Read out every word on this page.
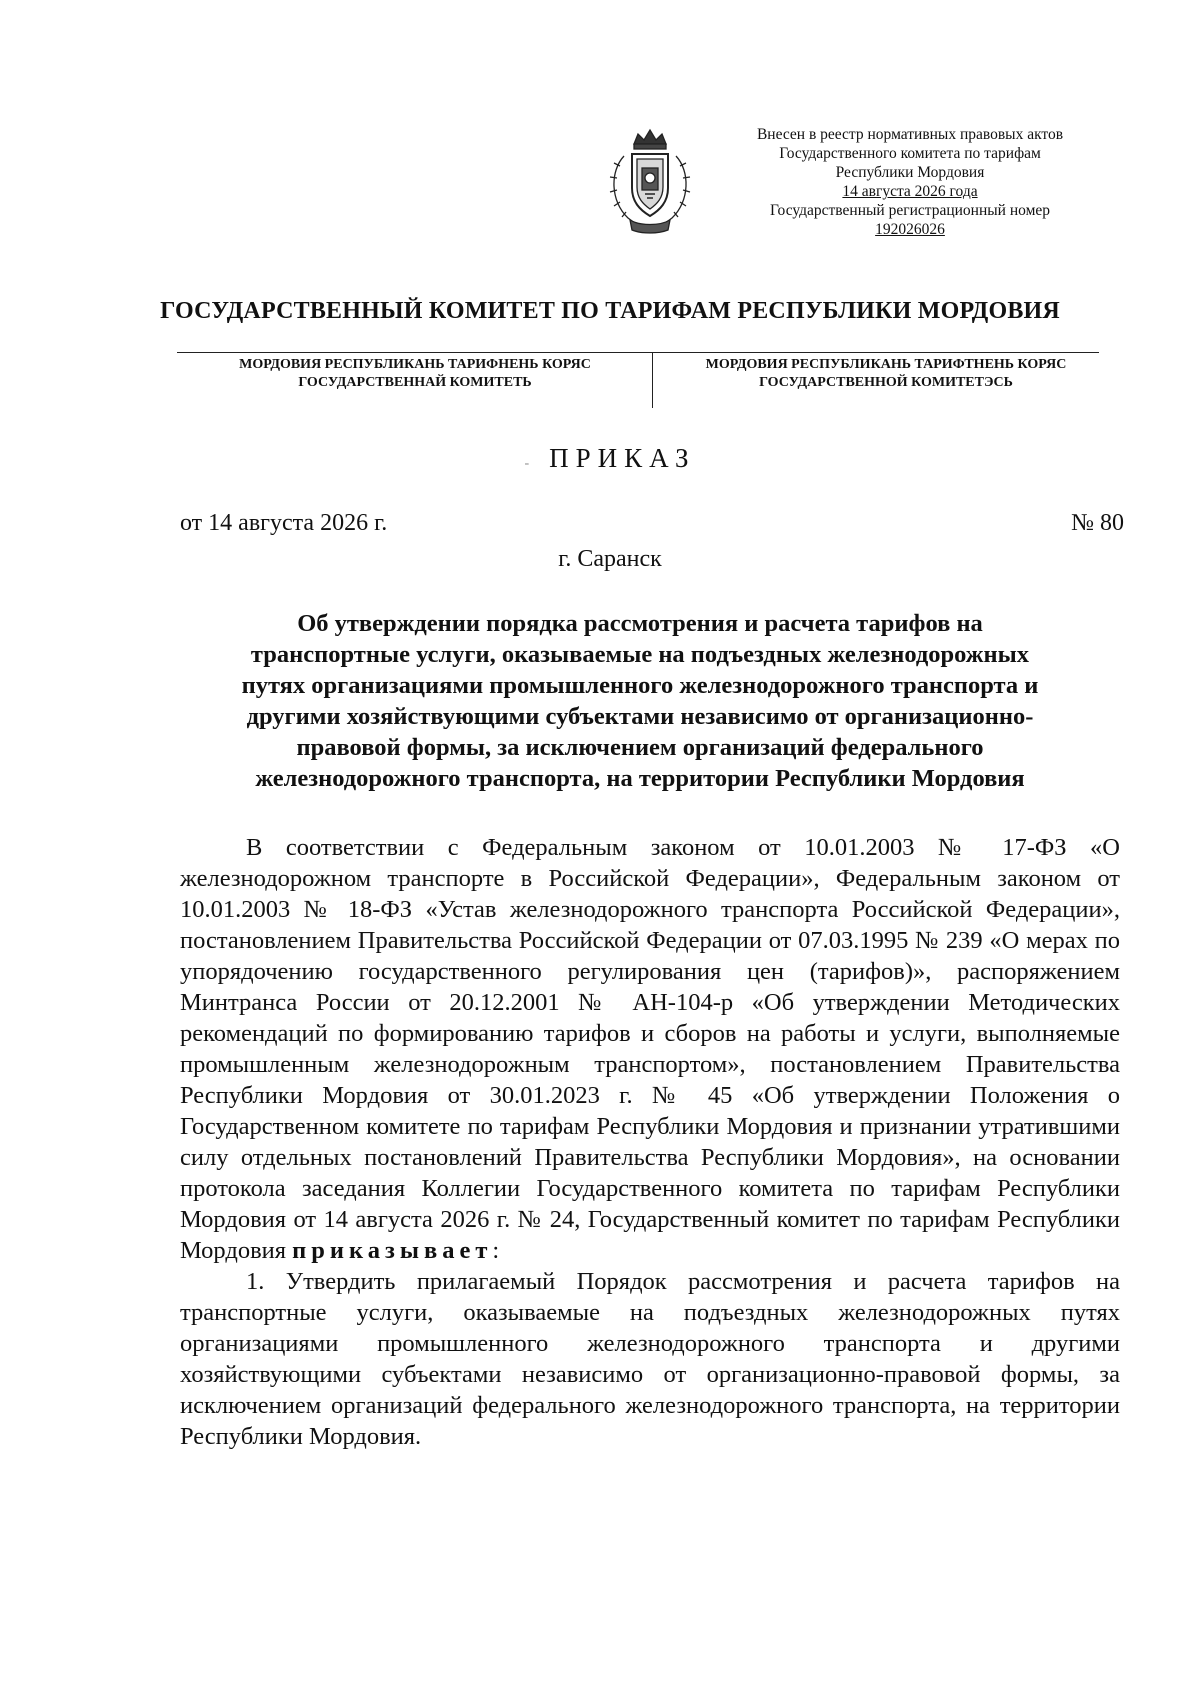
Внесен в реестр нормативных правовых актов
Государственного комитета по тарифам
Республики Мордовия
14 августа 2026 года
Государственный регистрационный номер
192026026
ГОСУДАРСТВЕННЫЙ КОМИТЕТ ПО ТАРИФАМ РЕСПУБЛИКИ МОРДОВИЯ
МОРДОВИЯ РЕСПУБЛИКАНЬ ТАРИФНЕНЬ КОРЯС
ГОСУДАРСТВЕННАЙ КОМИТЕТЬ
МОРДОВИЯ РЕСПУБЛИКАНЬ ТАРИФТНЕНЬ КОРЯС
ГОСУДАРСТВЕННОЙ КОМИТЕТЭСЬ
- ПРИКАЗ
от 14 августа 2026 г.	№ 80
г. Саранск
Об утверждении порядка рассмотрения и расчета тарифов на
транспортные услуги, оказываемые на подъездных железнодорожных
путях организациями промышленного железнодорожного транспорта и
другими хозяйствующими субъектами независимо от организационно-
правовой формы, за исключением организаций федерального
железнодорожного транспорта, на территории Республики Мордовия

В соответствии с Федеральным законом от 10.01.2003 № 17-ФЗ «О железнодорожном транспорте в Российской Федерации», Федеральным законом от 10.01.2003 № 18-ФЗ «Устав железнодорожного транспорта Российской Федерации», постановлением Правительства Российской Федерации от 07.03.1995 № 239 «О мерах по упорядочению государственного регулирования цен (тарифов)», распоряжением Минтранса России от 20.12.2001 № АН-104-р «Об утверждении Методических рекомендаций по формированию тарифов и сборов на работы и услуги, выполняемые промышленным железнодорожным транспортом», постановлением Правительства Республики Мордовия от 30.01.2023 г. № 45 «Об утверждении Положения о Государственном комитете по тарифам Республики Мордовия и признании утратившими силу отдельных постановлений Правительства Республики Мордовия», на основании протокола заседания Коллегии Государственного комитета по тарифам Республики Мордовия от 14 августа 2026 г. № 24, Государственный комитет по тарифам Республики Мордовия приказывает:

1. Утвердить прилагаемый Порядок рассмотрения и расчета тарифов на транспортные услуги, оказываемые на подъездных железнодорожных путях организациями промышленного железнодорожного транспорта и другими хозяйствующими субъектами независимо от организационно-правовой формы, за исключением организаций федерального железнодорожного транспорта, на территории Республики Мордовия.
